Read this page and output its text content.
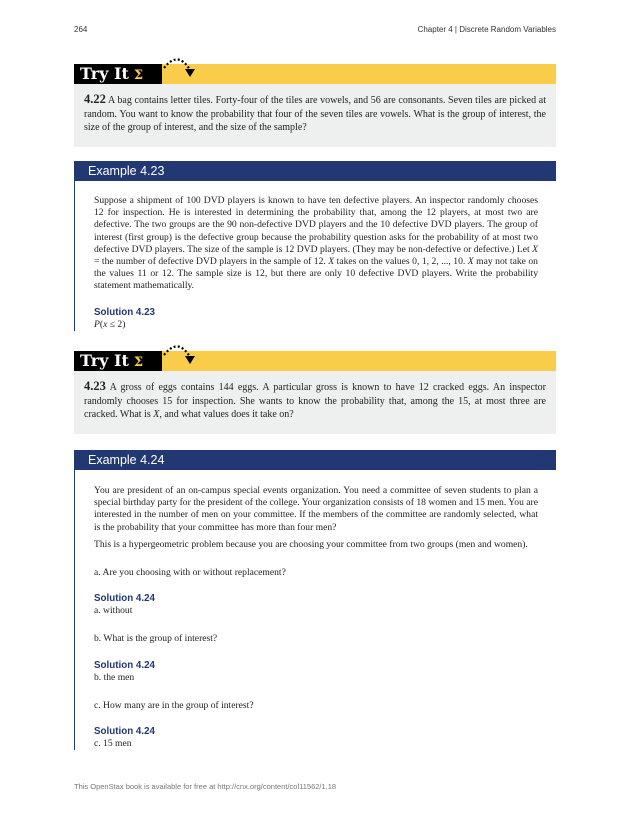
264	Chapter 4 | Discrete Random Variables
Try It Σ
4.22 A bag contains letter tiles. Forty-four of the tiles are vowels, and 56 are consonants. Seven tiles are picked at random. You want to know the probability that four of the seven tiles are vowels. What is the group of interest, the size of the group of interest, and the size of the sample?
Example 4.23

Suppose a shipment of 100 DVD players is known to have ten defective players. An inspector randomly chooses 12 for inspection. He is interested in determining the probability that, among the 12 players, at most two are defective. The two groups are the 90 non-defective DVD players and the 10 defective DVD players. The group of interest (first group) is the defective group because the probability question asks for the probability of at most two defective DVD players. The size of the sample is 12 DVD players. (They may be non-defective or defective.) Let X = the number of defective DVD players in the sample of 12. X takes on the values 0, 1, 2, ..., 10. X may not take on the values 11 or 12. The sample size is 12, but there are only 10 defective DVD players. Write the probability statement mathematically.

Solution 4.23

P(x ≤ 2)

Try It Σ
4.23 A gross of eggs contains 144 eggs. A particular gross is known to have 12 cracked eggs. An inspector randomly chooses 15 for inspection. She wants to know the probability that, among the 15, at most three are cracked. What is X, and what values does it take on?
Example 4.24

You are president of an on-campus special events organization. You need a committee of seven students to plan a special birthday party for the president of the college. Your organization consists of 18 women and 15 men. You are interested in the number of men on your committee. If the members of the committee are randomly selected, what is the probability that your committee has more than four men?

This is a hypergeometric problem because you are choosing your committee from two groups (men and women).

a. Are you choosing with or without replacement?

Solution 4.24

a. without

b. What is the group of interest?

Solution 4.24

b. the men

c. How many are in the group of interest?

Solution 4.24

c. 15 men

This OpenStax book is available for free at http://cnx.org/content/col11562/1.18
